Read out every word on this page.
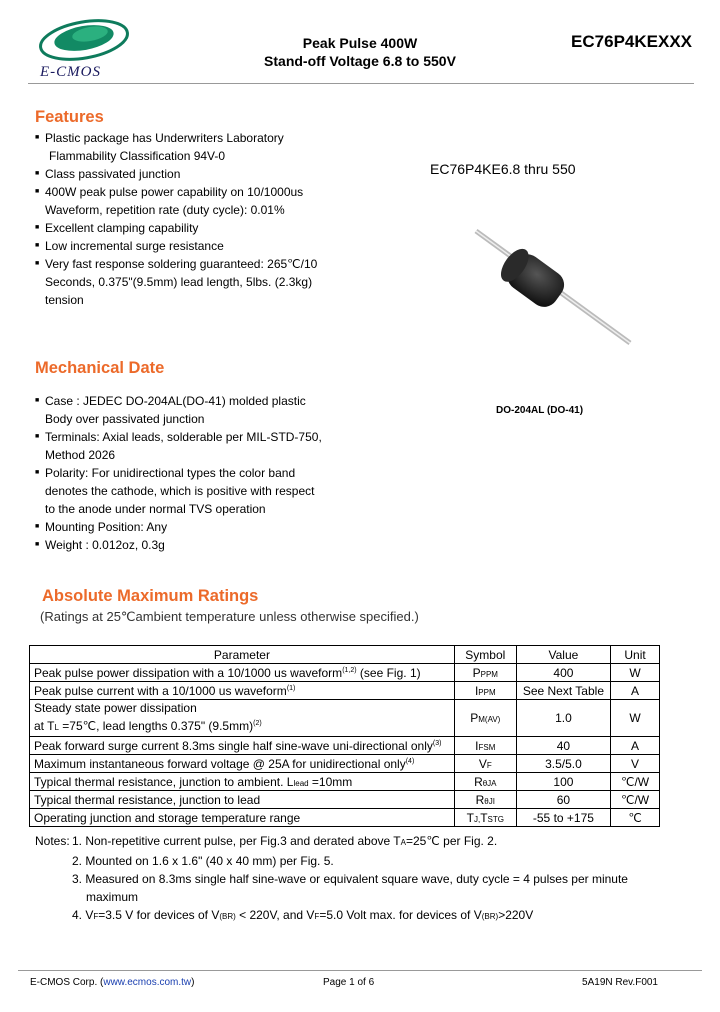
E-CMOS
Peak Pulse 400W
Stand-off Voltage 6.8 to 550V
EC76P4KEXXX
Features
■ Plastic package has Underwriters Laboratory
Flammability Classification 94V-0
■ Class passivated junction
■ 400W peak pulse power capability on 10/1000us
Waveform, repetition rate (duty cycle): 0.01%
■ Excellent clamping capability
■ Low incremental surge resistance
■ Very fast response soldering guaranteed: 265℃/10
Seconds, 0.375"(9.5mm) lead length, 5lbs. (2.3kg)
tension
EC76P4KE6.8 thru 550
DO-204AL (DO-41)
Mechanical Date
■ Case : JEDEC DO-204AL(DO-41) molded plastic
Body over passivated junction
■ Terminals: Axial leads, solderable per MIL-STD-750,
Method 2026
■ Polarity: For unidirectional types the color band
denotes the cathode, which is positive with respect
to the anode under normal TVS operation
■ Mounting Position: Any
■ Weight : 0.012oz, 0.3g
Absolute Maximum Ratings
(Ratings at 25℃ambient temperature unless otherwise specified.)
Parameter	Symbol	Value	Unit
Peak pulse power dissipation with a 10/1000 us waveform$^{(1,2)}$ (see Fig. 1)	PPPM	400	W
Peak pulse current with a 10/1000 us waveform$^{(1)}$	IPPM	See Next Table	A

Steady state power dissipation
at TL =75℃, lead lengths 0.375" $(9.5mm)^{(2)}$	PM(AV)	1.0	W
Peak forward surge current 8.3ms single half sine-wave uni-directional only$^{(3)}$	IFSM	40	A
Maximum instantaneous forward voltage @ 25A for unidirectional only$^{(4)}$	VF	3.5/5.0	V
Typical thermal resistance, junction to ambient. Llead =10mm	RθJA	100	℃/W
Typical thermal resistance, junction to lead	RθJI	60	℃/W
Operating junction and storage temperature range	TJ,TSTG	-55 to +175	℃
Notes: 1. Non-repetitive current pulse, per Fig.3 and derated above TA=25℃ per Fig. 2.
2. Mounted on 1.6 x 1.6" (40 x 40 mm) per Fig. 5.
3. Measured on 8.3ms single half sine-wave or equivalent square wave, duty cycle = 4 pulses per minute
maximum
4. VF=3.5 V for devices of V(BR) < 220V, and VF=5.0 Volt max. for devices of V(BR)>220V
E-CMOS Corp. (www.ecmos.com.tw)	Page 1 of 6	5A19N Rev.F001
